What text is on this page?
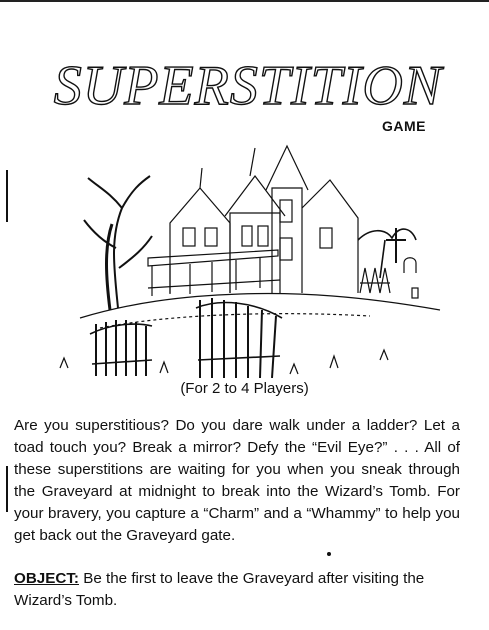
SUPERSTITION
GAME
(For 2 to 4 Players)
Are you superstitious? Do you dare walk under a ladder? Let a toad touch you? Break a mirror? Defy the “Evil Eye?” . . . All of these superstitions are waiting for you when you sneak through the Graveyard at midnight to break into the Wizard’s Tomb. For your bravery, you capture a “Charm” and a “Whammy” to help you get back out the Graveyard gate.
OBJECT: Be the first to leave the Graveyard after visiting the Wizard’s Tomb.
